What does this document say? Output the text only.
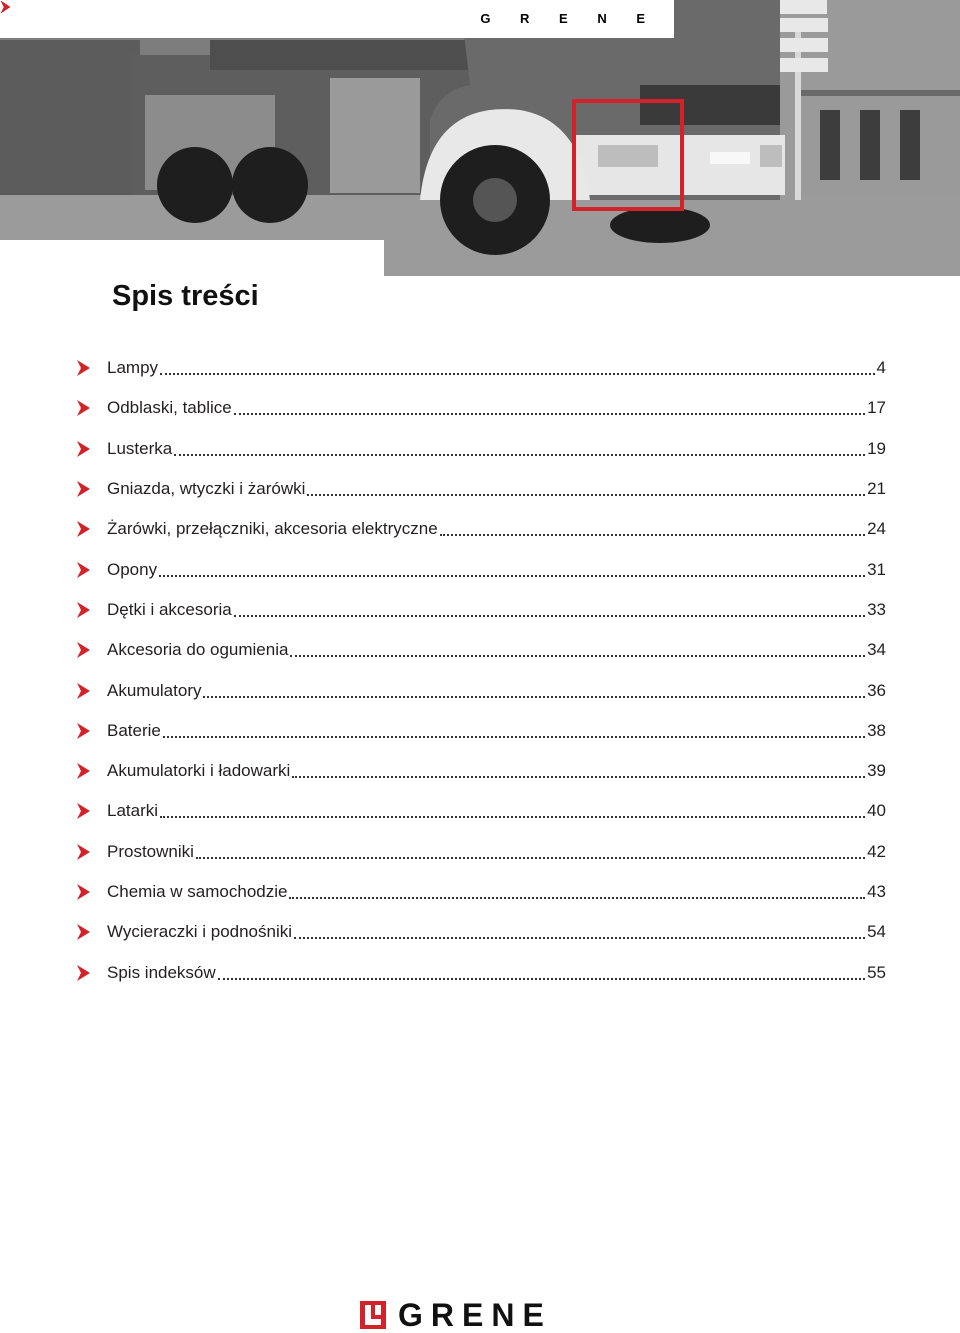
G R E N E
Spis treści
Lampy	4
Odblaski, tablice	17
Lusterka	19
Gniazda, wtyczki i żarówki	21
Żarówki, przełączniki, akcesoria elektryczne	24
Opony	31
Dętki i akcesoria	33
Akcesoria do ogumienia	34
Akumulatory	36
Baterie	38
Akumulatorki i ładowarki	39
Latarki	40
Prostowniki	42
Chemia w samochodzie	43
Wycieraczki i podnośniki	54
Spis indeksów	55
GRENE
